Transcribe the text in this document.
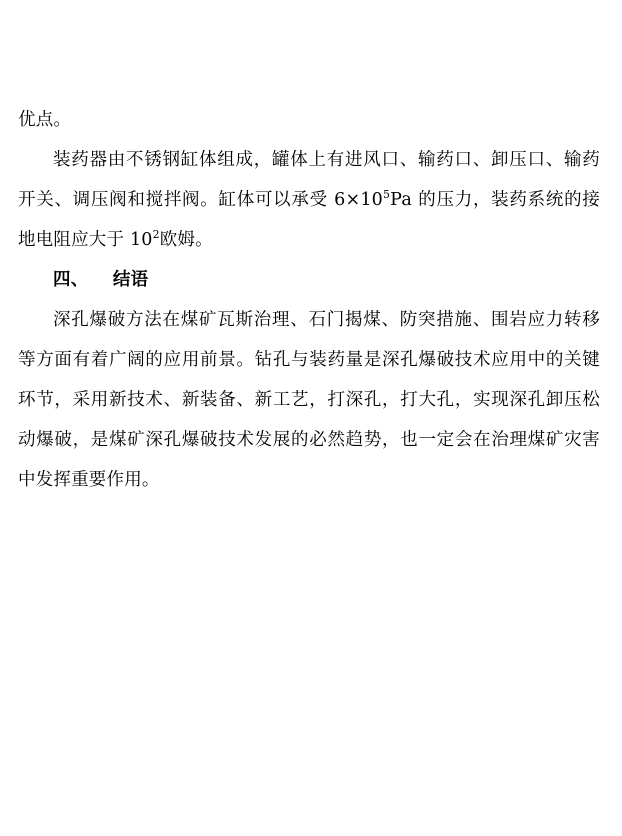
优点。

装药器由不锈钢缸体组成，罐体上有进风口、输药口、卸压口、输药开关、调压阀和搅拌阀。缸体可以承受 $6\times 10^5Pa$ 的压力，装药系统的接地电阻应大于 $10^2$欧姆。

四、 结语

深孔爆破方法在煤矿瓦斯治理、石门揭煤、防突措施、围岩应力转移等方面有着广阔的应用前景。钻孔与装药量是深孔爆破技术应用中的关键环节，采用新技术、新装备、新工艺，打深孔，打大孔，实现深孔卸压松动爆破，是煤矿深孔爆破技术发展的必然趋势，也一定会在治理煤矿灾害中发挥重要作用。
